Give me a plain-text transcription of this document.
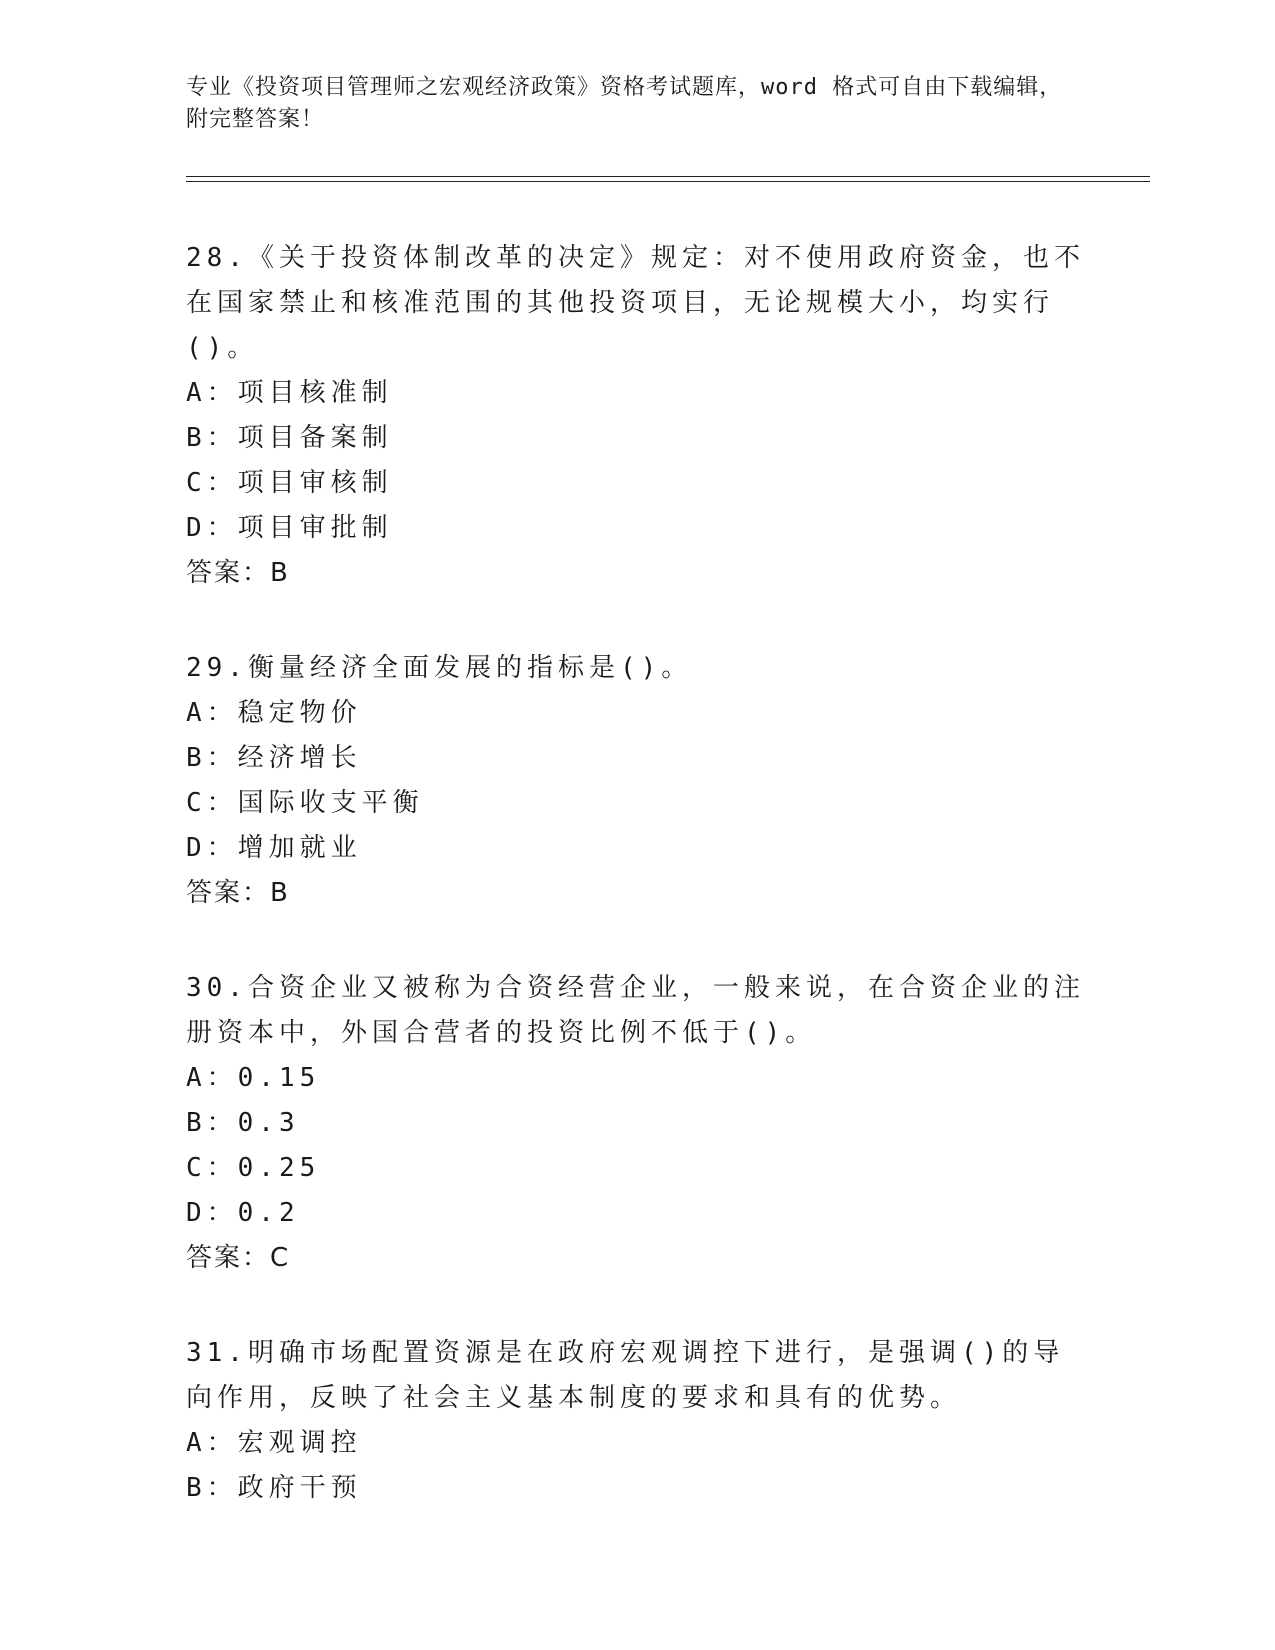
专业《投资项目管理师之宏观经济政策》资格考试题库，word 格式可自由下载编辑，附完整答案！

28.《关于投资体制改革的决定》规定：对不使用政府资金，也不在国家禁止和核准范围的其他投资项目，无论规模大小，均实行()。

A：项目核准制

B：项目备案制

C：项目审核制

D：项目审批制

答案：B

29.衡量经济全面发展的指标是()。

A：稳定物价

B：经济增长

C：国际收支平衡

D：增加就业

答案：B

30.合资企业又被称为合资经营企业，一般来说，在合资企业的注册资本中，外国合营者的投资比例不低于()。

A：0.15

B：0.3

C：0.25

D：0.2

答案：C

31.明确市场配置资源是在政府宏观调控下进行，是强调()的导向作用，反映了社会主义基本制度的要求和具有的优势。

A：宏观调控

B：政府干预
